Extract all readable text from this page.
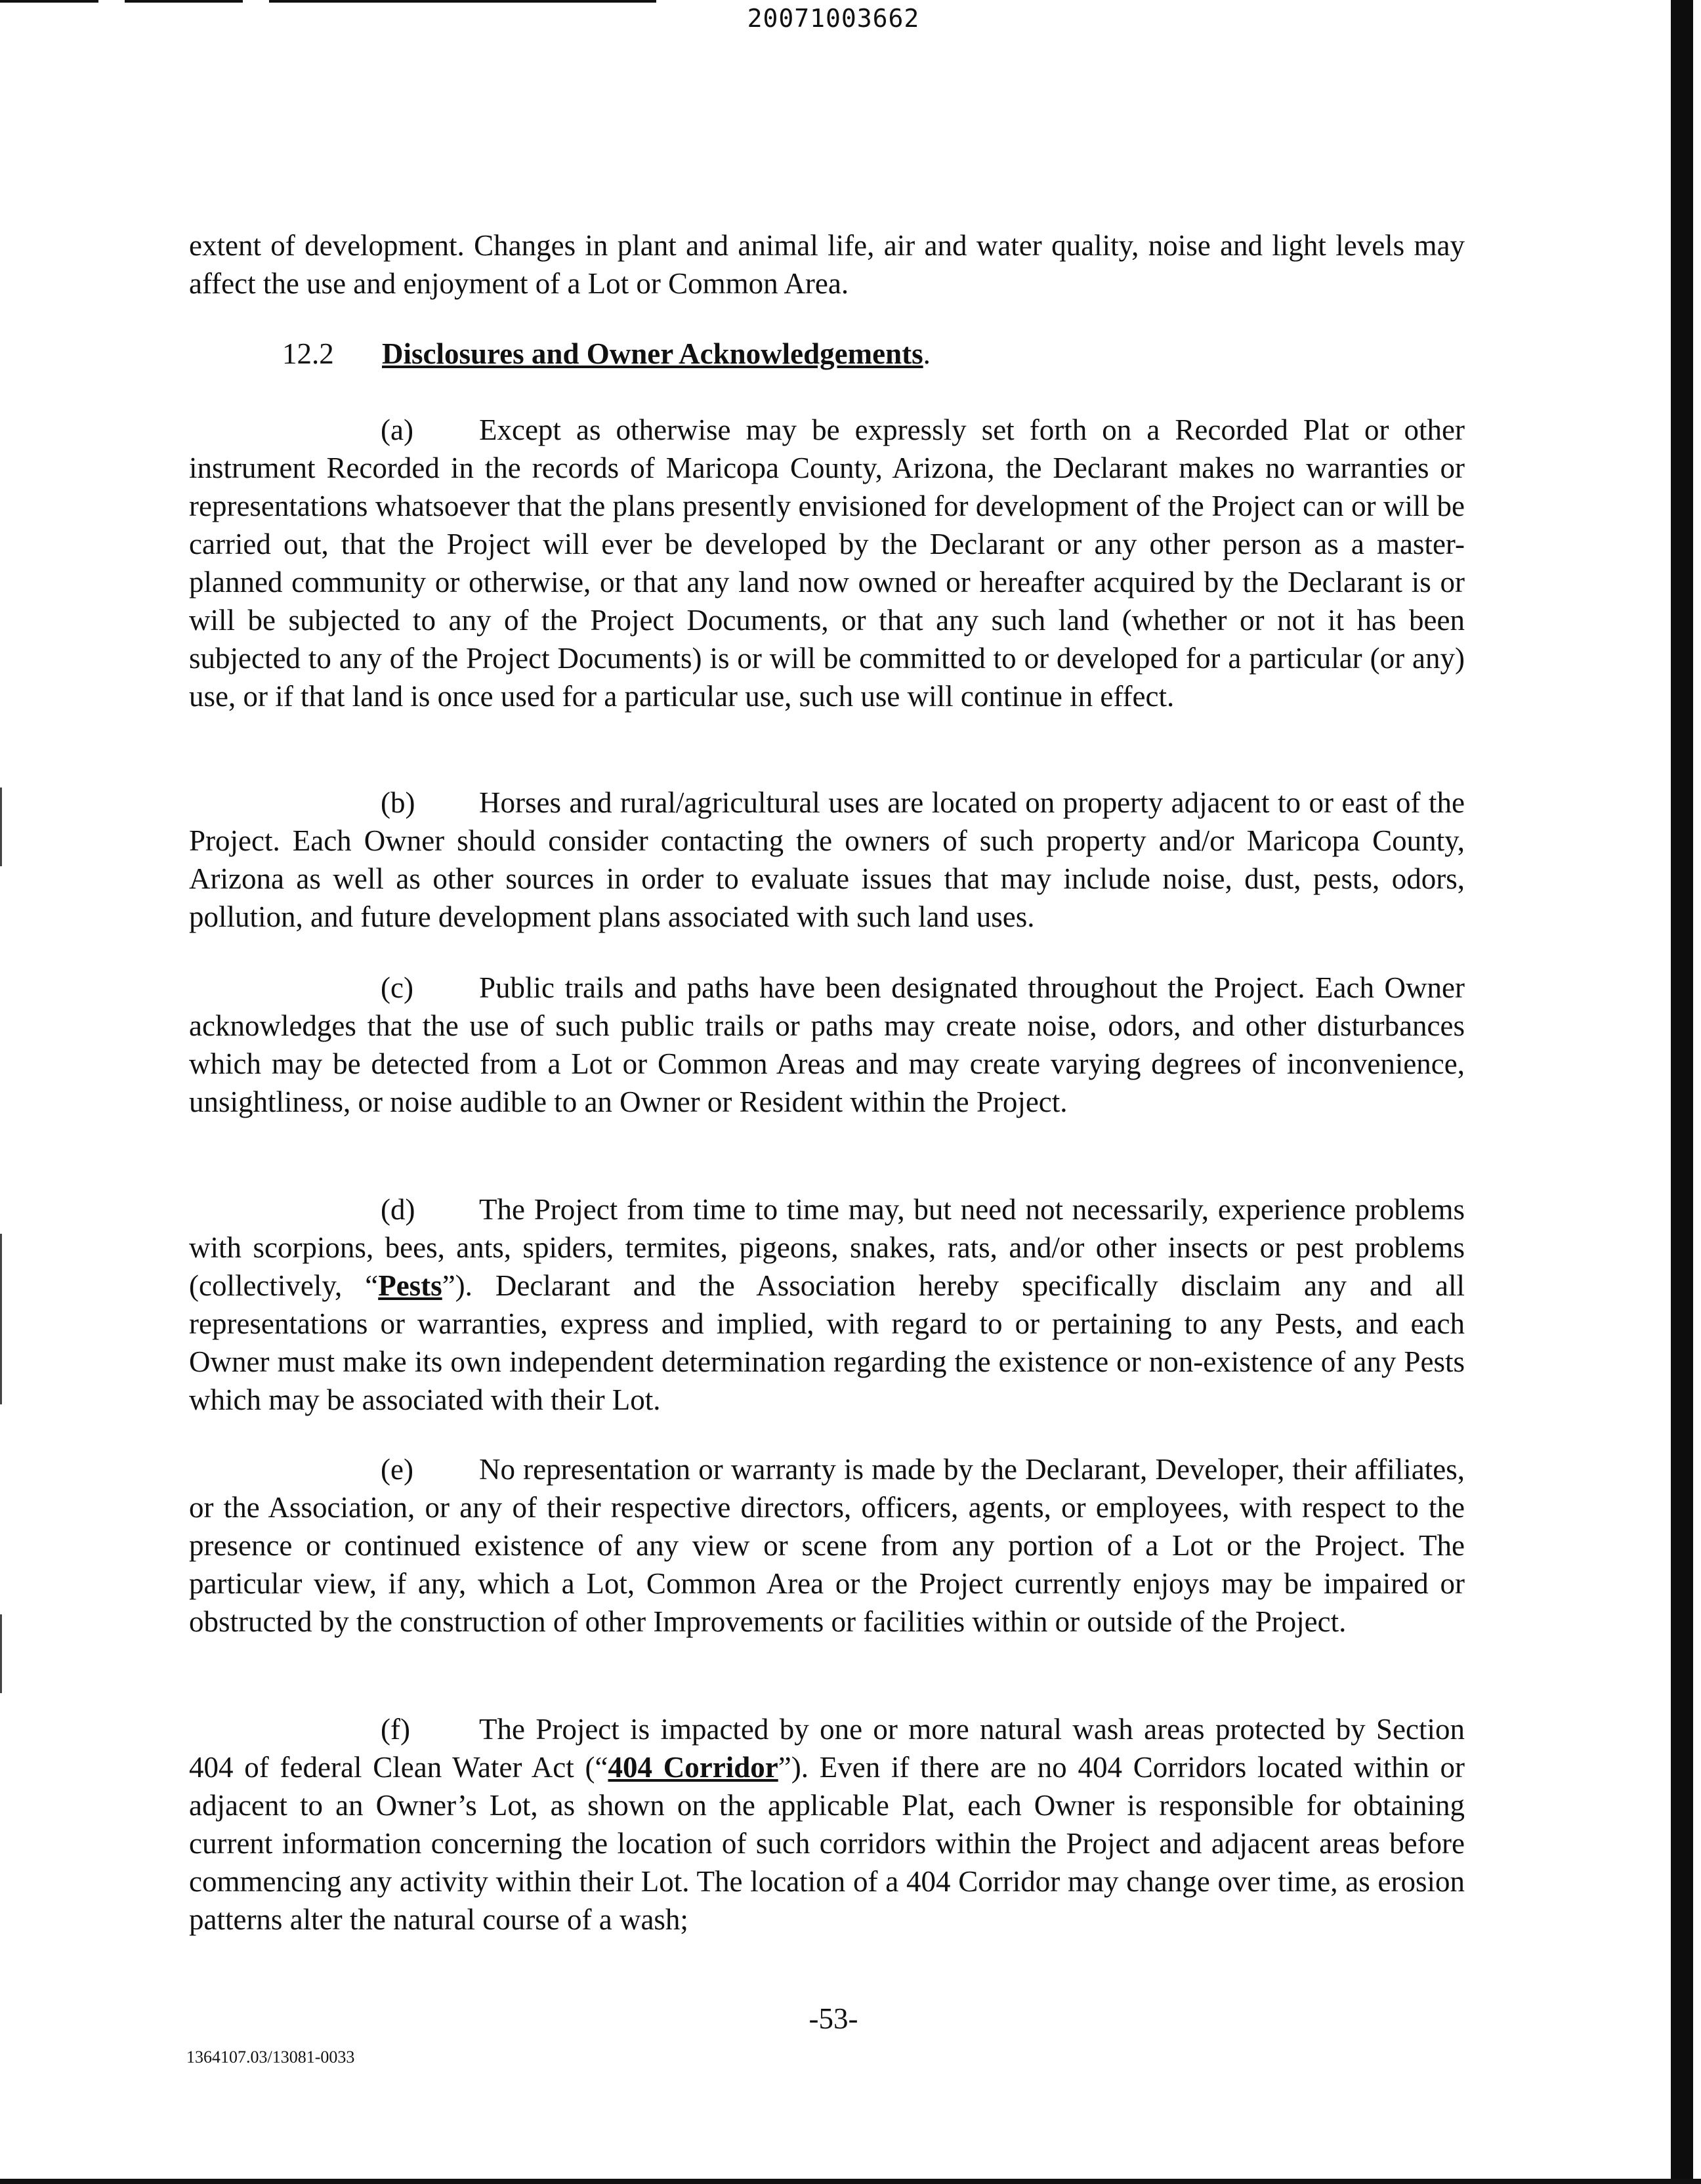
20071003662

extent of development. Changes in plant and animal life, air and water quality, noise and light levels may affect the use and enjoyment of a Lot or Common Area.

12.2 Disclosures and Owner Acknowledgements.

(a) Except as otherwise may be expressly set forth on a Recorded Plat or other instrument Recorded in the records of Maricopa County, Arizona, the Declarant makes no warranties or representations whatsoever that the plans presently envisioned for development of the Project can or will be carried out, that the Project will ever be developed by the Declarant or any other person as a master-planned community or otherwise, or that any land now owned or hereafter acquired by the Declarant is or will be subjected to any of the Project Documents, or that any such land (whether or not it has been subjected to any of the Project Documents) is or will be committed to or developed for a particular (or any) use, or if that land is once used for a particular use, such use will continue in effect.

(b) Horses and rural/agricultural uses are located on property adjacent to or east of the Project. Each Owner should consider contacting the owners of such property and/or Maricopa County, Arizona as well as other sources in order to evaluate issues that may include noise, dust, pests, odors, pollution, and future development plans associated with such land uses.

(c) Public trails and paths have been designated throughout the Project. Each Owner acknowledges that the use of such public trails or paths may create noise, odors, and other disturbances which may be detected from a Lot or Common Areas and may create varying degrees of inconvenience, unsightliness, or noise audible to an Owner or Resident within the Project.

(d) The Project from time to time may, but need not necessarily, experience problems with scorpions, bees, ants, spiders, termites, pigeons, snakes, rats, and/or other insects or pest problems (collectively, “Pests”). Declarant and the Association hereby specifically disclaim any and all representations or warranties, express and implied, with regard to or pertaining to any Pests, and each Owner must make its own independent determination regarding the existence or non-existence of any Pests which may be associated with their Lot.

(e) No representation or warranty is made by the Declarant, Developer, their affiliates, or the Association, or any of their respective directors, officers, agents, or employees, with respect to the presence or continued existence of any view or scene from any portion of a Lot or the Project. The particular view, if any, which a Lot, Common Area or the Project currently enjoys may be impaired or obstructed by the construction of other Improvements or facilities within or outside of the Project.

(f) The Project is impacted by one or more natural wash areas protected by Section 404 of federal Clean Water Act (“404 Corridor”). Even if there are no 404 Corridors located within or adjacent to an Owner’s Lot, as shown on the applicable Plat, each Owner is responsible for obtaining current information concerning the location of such corridors within the Project and adjacent areas before commencing any activity within their Lot. The location of a 404 Corridor may change over time, as erosion patterns alter the natural course of a wash;

-53-
1364107.03/13081-0033
